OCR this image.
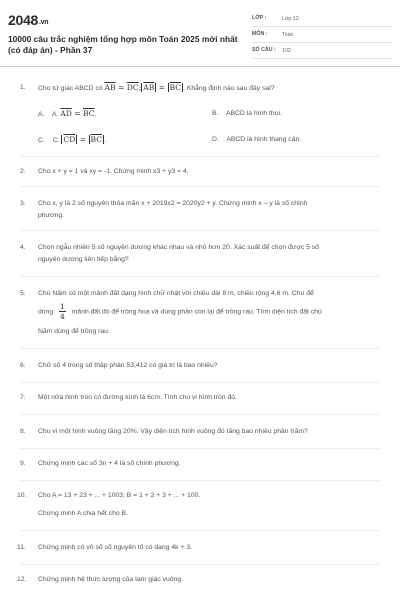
2048.vn
10000 câu trắc nghiệm tổng hợp môn Toán 2025 mới nhất (có đáp án) - Phần 37
LỚP :	Lớp 12
MÔN :	Toán
SỐ CÂU : 102
1. Cho tứ giác ABCD có $\overline{AB} = \overline{DC}$; $\overline{AB} = \overline{BC}$ . Khẳng định nào sau đây sai?
A. A. $\overline{AD} = \overline{BC}$.	B. ABCD là hình thoi.
C. C. $\overline{CD} = \overline{BC}$ .	D. ABCD là hình thang cân.
2. Cho x + y = 1 và xy = -1. Chứng minh x3 + y3 = 4.
3. Cho x, y là 2 số nguyên thỏa mãn x + 2019x2 = 2020y2 + y. Chứng minh x – y là số chính
phương.
4. Chọn ngẫu nhiên 5 số nguyên dương khác nhau và nhỏ hơn 20. Xác suất để chọn được 5 số
nguyên dương liên tiếp bằng?
5. Chú Năm có một mảnh đất dạng hình chữ nhật với chiều dài 8 m, chiều rộng 4,6 m. Chú để
dùng $\frac{1}{4}$ mảnh đất đó để trồng hoa và dùng phần còn lại để trồng rau. Tính diện tích đất chú
Năm dùng để trồng rau.
6. Chữ số 4 trong số thập phân 53,412 có giá trị là bao nhiêu?
7. Một nửa hình tròn có đường kính là 6cm. Tính chu vi hình tròn đó.
8. Chu vi một hình vuông tăng 20%. Vậy diện tích hình vuông đó tăng bao nhiêu phần trăm?
9. Chứng minh các số 3n + 4 là số chính phương.
10. Cho A = 13 + 23 + ... + 1003; B = 1 + 2 + 3 + ... + 100.
Chứng minh A chia hết cho B.
11. Chứng minh có vô số số nguyên tố có dạng 4k + 3.
12. Chứng minh hệ thức lượng của tam giác vuông.
